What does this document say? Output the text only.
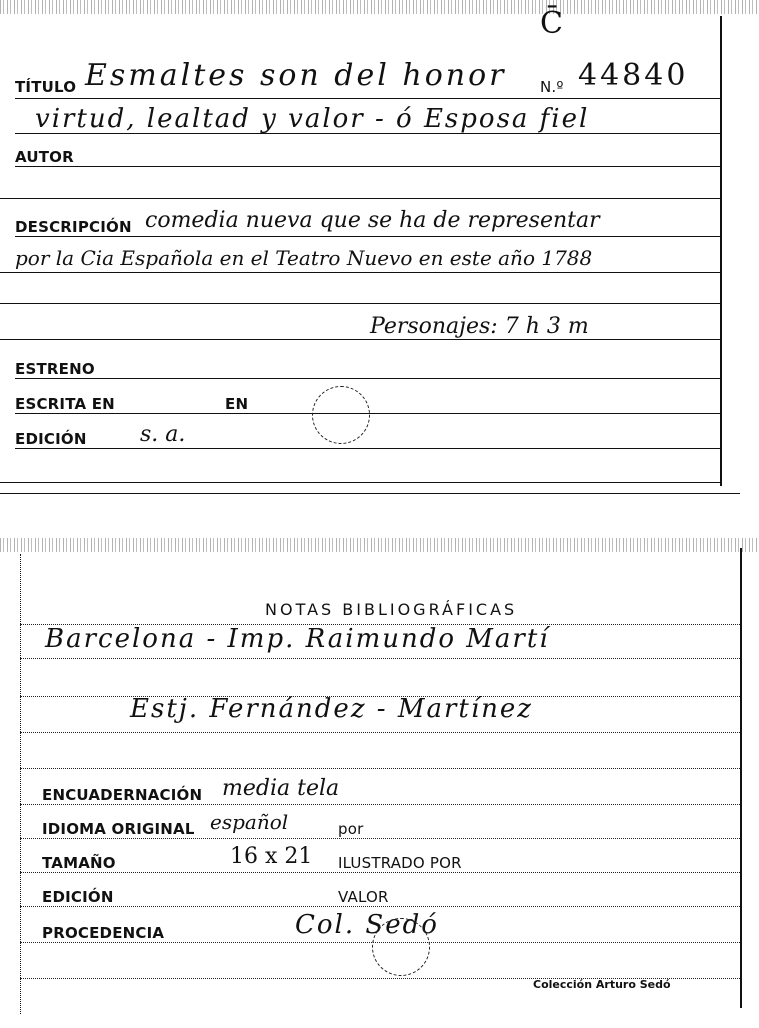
C̄
TÍTULO Esmaltes son del honor N.º 44840
virtud, lealtad y valor - ó Esposa fiel
AUTOR
DESCRIPCIÓN comedia nueva que se ha de representar
por la Cia Española en el Teatro Nuevo en este año 1788
Personajes: 7 h 3 m
ESTRENO
ESCRITA EN	EN
EDICIÓN s. a.
NOTAS BIBLIOGRÁFICAS
Barcelona - Imp. Raimundo Martí
Estj. Fernández - Martínez
ENCUADERNACIÓN media tela
IDIOMA ORIGINAL español	por
TAMAÑO	16 x 21 ILUSTRADO POR
EDICIÓN	VALOR
PROCEDENCIA	Col. Sedó
Colección Arturo Sedó
